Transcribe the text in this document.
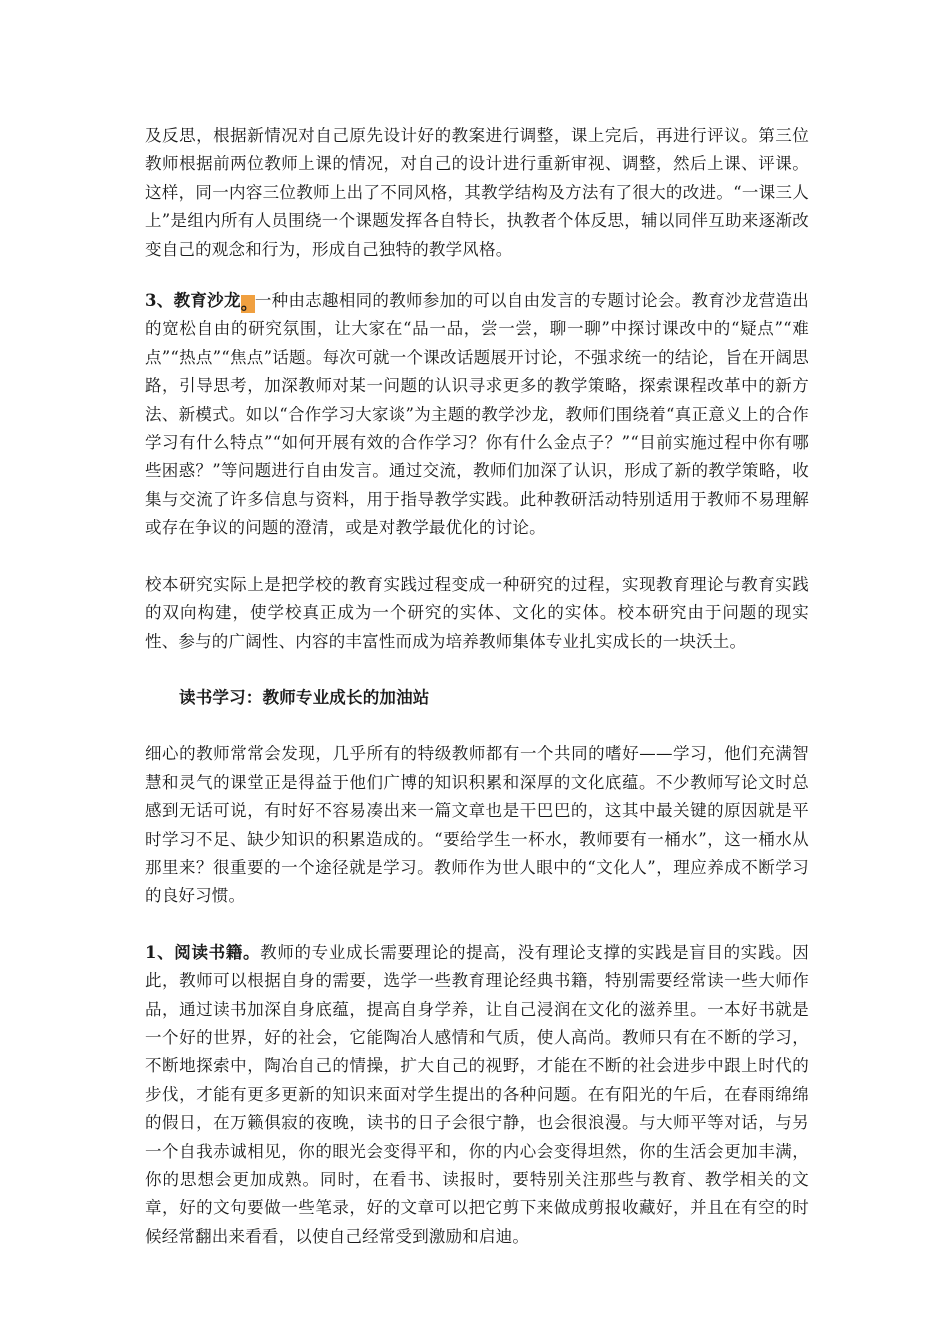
及反思，根据新情况对自己原先设计好的教案进行调整，课上完后，再进行评议。第三位教师根据前两位教师上课的情况，对自己的设计进行重新审视、调整，然后上课、评课。这样，同一内容三位教师上出了不同风格，其教学结构及方法有了很大的改进。“一课三人上”是组内所有人员围绕一个课题发挥各自特长，执教者个体反思，辅以同伴互助来逐渐改变自己的观念和行为，形成自己独特的教学风格。

3、教育沙龙。一种由志趣相同的教师参加的可以自由发言的专题讨论会。教育沙龙营造出的宽松自由的研究氛围，让大家在“品一品，尝一尝，聊一聊”中探讨课改中的“疑点”“难点”“热点”“焦点”话题。每次可就一个课改话题展开讨论，不强求统一的结论，旨在开阔思路，引导思考，加深教师对某一问题的认识寻求更多的教学策略，探索课程改革中的新方法、新模式。如以“合作学习大家谈”为主题的教学沙龙，教师们围绕着“真正意义上的合作学习有什么特点”“如何开展有效的合作学习？你有什么金点子？”“目前实施过程中你有哪些困惑？”等问题进行自由发言。通过交流，教师们加深了认识，形成了新的教学策略，收集与交流了许多信息与资料，用于指导教学实践。此种教研活动特别适用于教师不易理解或存在争议的问题的澄清，或是对教学最优化的讨论。

校本研究实际上是把学校的教育实践过程变成一种研究的过程，实现教育理论与教育实践的双向构建，使学校真正成为一个研究的实体、文化的实体。校本研究由于问题的现实性、参与的广阔性、内容的丰富性而成为培养教师集体专业扎实成长的一块沃土。

读书学习：教师专业成长的加油站

细心的教师常常会发现，几乎所有的特级教师都有一个共同的嗜好——学习，他们充满智慧和灵气的课堂正是得益于他们广博的知识积累和深厚的文化底蕴。不少教师写论文时总感到无话可说，有时好不容易凑出来一篇文章也是干巴巴的，这其中最关键的原因就是平时学习不足、缺少知识的积累造成的。“要给学生一杯水，教师要有一桶水”，这一桶水从那里来？很重要的一个途径就是学习。教师作为世人眼中的“文化人”，理应养成不断学习的良好习惯。

1、阅读书籍。教师的专业成长需要理论的提高，没有理论支撑的实践是盲目的实践。因此，教师可以根据自身的需要，选学一些教育理论经典书籍，特别需要经常读一些大师作品，通过读书加深自身底蕴，提高自身学养，让自己浸润在文化的滋养里。一本好书就是一个好的世界，好的社会，它能陶冶人感情和气质，使人高尚。教师只有在不断的学习，不断地探索中，陶冶自己的情操，扩大自己的视野，才能在不断的社会进步中跟上时代的步伐，才能有更多更新的知识来面对学生提出的各种问题。在有阳光的午后，在春雨绵绵的假日，在万籁俱寂的夜晚，读书的日子会很宁静，也会很浪漫。与大师平等对话，与另一个自我赤诚相见，你的眼光会变得平和，你的内心会变得坦然，你的生活会更加丰满，你的思想会更加成熟。同时，在看书、读报时，要特别关注那些与教育、教学相关的文章，好的文句要做一些笔录，好的文章可以把它剪下来做成剪报收藏好，并且在有空的时候经常翻出来看看，以使自己经常受到激励和启迪。
